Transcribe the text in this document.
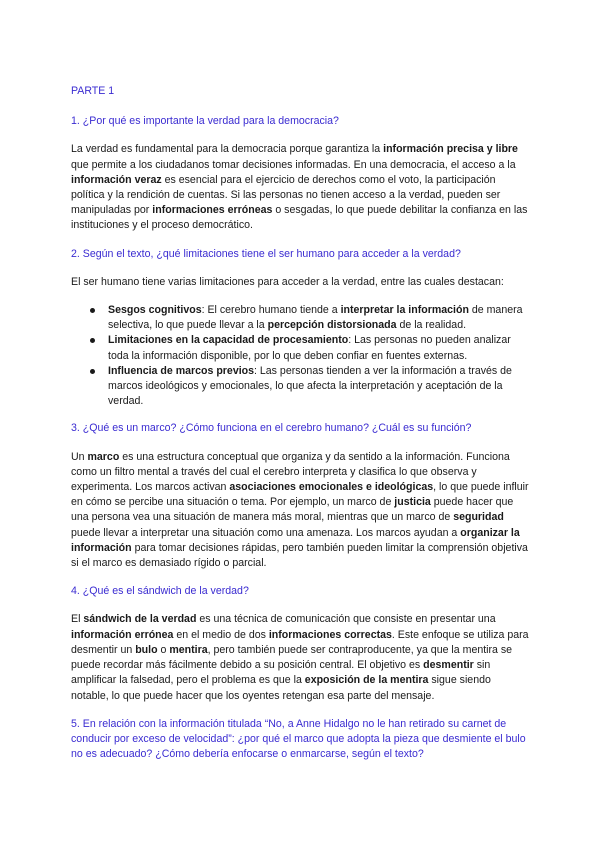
PARTE 1
1. ¿Por qué es importante la verdad para la democracia?
La verdad es fundamental para la democracia porque garantiza la información precisa y libre que permite a los ciudadanos tomar decisiones informadas. En una democracia, el acceso a la información veraz es esencial para el ejercicio de derechos como el voto, la participación política y la rendición de cuentas. Si las personas no tienen acceso a la verdad, pueden ser manipuladas por informaciones erróneas o sesgadas, lo que puede debilitar la confianza en las instituciones y el proceso democrático.
2. Según el texto, ¿qué limitaciones tiene el ser humano para acceder a la verdad?
El ser humano tiene varias limitaciones para acceder a la verdad, entre las cuales destacan:
Sesgos cognitivos: El cerebro humano tiende a interpretar la información de manera selectiva, lo que puede llevar a la percepción distorsionada de la realidad.
Limitaciones en la capacidad de procesamiento: Las personas no pueden analizar toda la información disponible, por lo que deben confiar en fuentes externas.
Influencia de marcos previos: Las personas tienden a ver la información a través de marcos ideológicos y emocionales, lo que afecta la interpretación y aceptación de la verdad.
3. ¿Qué es un marco? ¿Cómo funciona en el cerebro humano? ¿Cuál es su función?
Un marco es una estructura conceptual que organiza y da sentido a la información. Funciona como un filtro mental a través del cual el cerebro interpreta y clasifica lo que observa y experimenta. Los marcos activan asociaciones emocionales e ideológicas, lo que puede influir en cómo se percibe una situación o tema. Por ejemplo, un marco de justicia puede hacer que una persona vea una situación de manera más moral, mientras que un marco de seguridad puede llevar a interpretar una situación como una amenaza. Los marcos ayudan a organizar la información para tomar decisiones rápidas, pero también pueden limitar la comprensión objetiva si el marco es demasiado rígido o parcial.
4. ¿Qué es el sándwich de la verdad?
El sándwich de la verdad es una técnica de comunicación que consiste en presentar una información errónea en el medio de dos informaciones correctas. Este enfoque se utiliza para desmentir un bulo o mentira, pero también puede ser contraproducente, ya que la mentira se puede recordar más fácilmente debido a su posición central. El objetivo es desmentir sin amplificar la falsedad, pero el problema es que la exposición de la mentira sigue siendo notable, lo que puede hacer que los oyentes retengan esa parte del mensaje.
5. En relación con la información titulada “No, a Anne Hidalgo no le han retirado su carnet de conducir por exceso de velocidad”: ¿por qué el marco que adopta la pieza que desmiente el bulo no es adecuado? ¿Cómo debería enfocarse o enmarcarse, según el texto?
